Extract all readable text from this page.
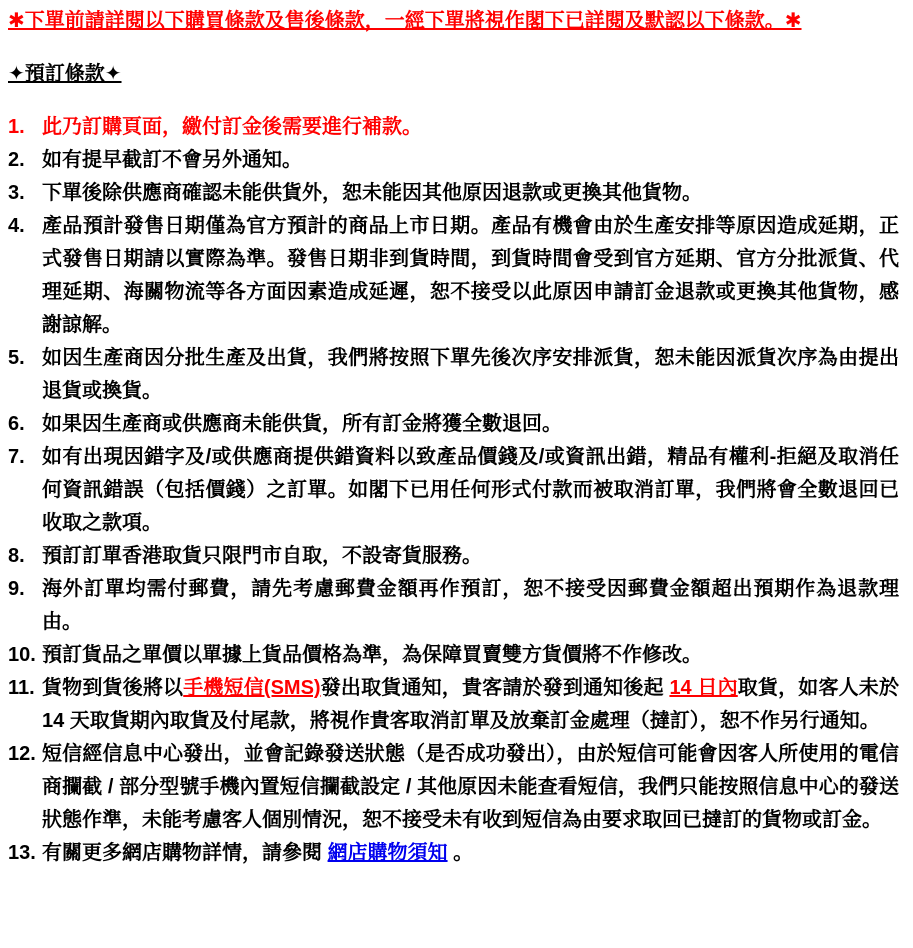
✱下單前請詳閱以下購買條款及售後條款，一經下單將視作閣下已詳閱及默認以下條款。✱
✦預訂條款✦
1. 此乃訂購頁面，繳付訂金後需要進行補款。
2. 如有提早截訂不會另外通知。
3. 下單後除供應商確認未能供貨外，恕未能因其他原因退款或更換其他貨物。
4. 產品預計發售日期僅為官方預計的商品上市日期。產品有機會由於生產安排等原因造成延期，正式發售日期請以實際為準。發售日期非到貨時間，到貨時間會受到官方延期、官方分批派貨、代理延期、海關物流等各方面因素造成延遲，恕不接受以此原因申請訂金退款或更換其他貨物，感謝諒解。
5. 如因生產商因分批生產及出貨，我們將按照下單先後次序安排派貨，恕未能因派貨次序為由提出退貨或換貨。
6. 如果因生產商或供應商未能供貨，所有訂金將獲全數退回。
7. 如有出現因錯字及/或供應商提供錯資料以致產品價錢及/或資訊出錯，精品有權利-拒絕及取消任何資訊錯誤（包括價錢）之訂單。如閣下已用任何形式付款而被取消訂單，我們將會全數退回已收取之款項。
8. 預訂訂單香港取貨只限門市自取，不設寄貨服務。
9. 海外訂單均需付郵費，請先考慮郵費金額再作預訂，恕不接受因郵費金額超出預期作為退款理由。
10. 預訂貨品之單價以單據上貨品價格為準，為保障買賣雙方貨價將不作修改。
11. 貨物到貨後將以手機短信(SMS)發出取貨通知，貴客請於發到通知後起 14 日內取貨，如客人未於 14 天取貨期內取貨及付尾款，將視作貴客取消訂單及放棄訂金處理（撻訂），恕不作另行通知。
12. 短信經信息中心發出，並會記錄發送狀態（是否成功發出），由於短信可能會因客人所使用的電信商攔截 / 部分型號手機內置短信攔截設定 / 其他原因未能查看短信，我們只能按照信息中心的發送狀態作準，未能考慮客人個別情況，恕不接受未有收到短信為由要求取回已撻訂的貨物或訂金。
13. 有關更多網店購物詳情，請參閱 網店購物須知 。
